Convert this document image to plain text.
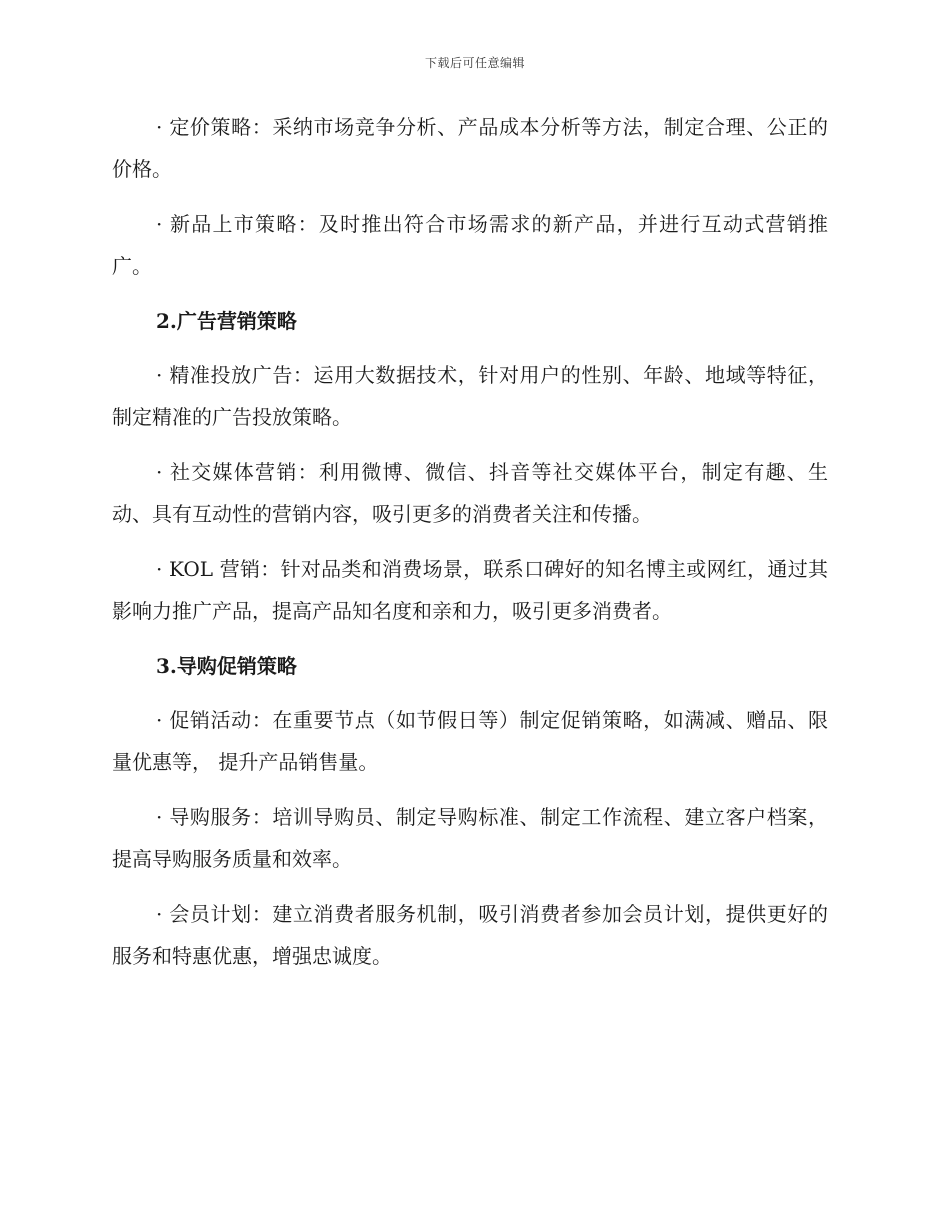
下载后可任意编辑

· 定价策略：采纳市场竞争分析、产品成本分析等方法，制定合理、公正的价格。

· 新品上市策略：及时推出符合市场需求的新产品，并进行互动式营销推广。

2.广告营销策略

· 精准投放广告：运用大数据技术，针对用户的性别、年龄、地域等特征，制定精准的广告投放策略。

· 社交媒体营销：利用微博、微信、抖音等社交媒体平台，制定有趣、生动、具有互动性的营销内容，吸引更多的消费者关注和传播。

· KOL 营销：针对品类和消费场景，联系口碑好的知名博主或网红，通过其影响力推广产品，提高产品知名度和亲和力，吸引更多消费者。

3.导购促销策略

· 促销活动：在重要节点（如节假日等）制定促销策略，如满减、赠品、限量优惠等， 提升产品销售量。

· 导购服务：培训导购员、制定导购标准、制定工作流程、建立客户档案，提高导购服务质量和效率。

· 会员计划：建立消费者服务机制，吸引消费者参加会员计划，提供更好的服务和特惠优惠，增强忠诚度。
